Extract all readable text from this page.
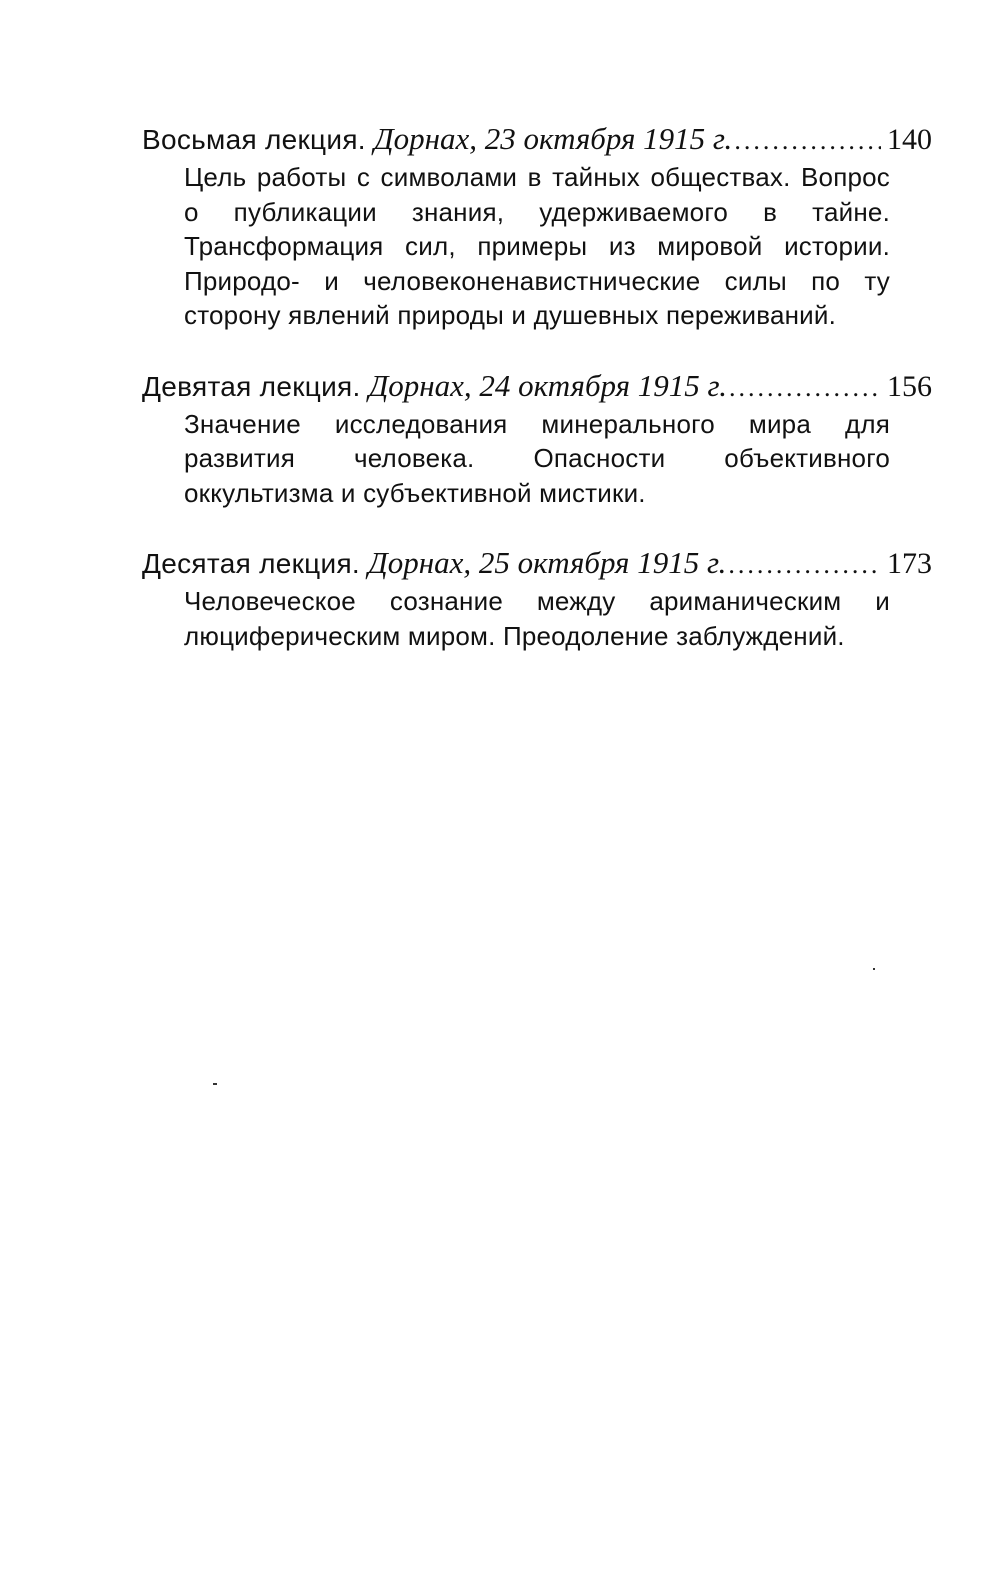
Восьмая лекция. Дорнах, 23 октября 1915 г. .....	140
Цель работы с символами в тайных обществах. Вопрос о публикации знания, удерживаемого в тайне. Трансформация сил, примеры из мировой истории. Природо- и человеконенавистнические силы по ту сторону явлений природы и душевных переживаний.
Девятая лекция. Дорнах, 24 октября 1915 г. .....	156
Значение исследования минерального мира для развития человека. Опасности объективного оккультизма и субъективной мистики.
Десятая лекция. Дорнах, 25 октября 1915 г. .....	173
Человеческое сознание между ариманическим и люциферическим миром. Преодоление заблуждений.
